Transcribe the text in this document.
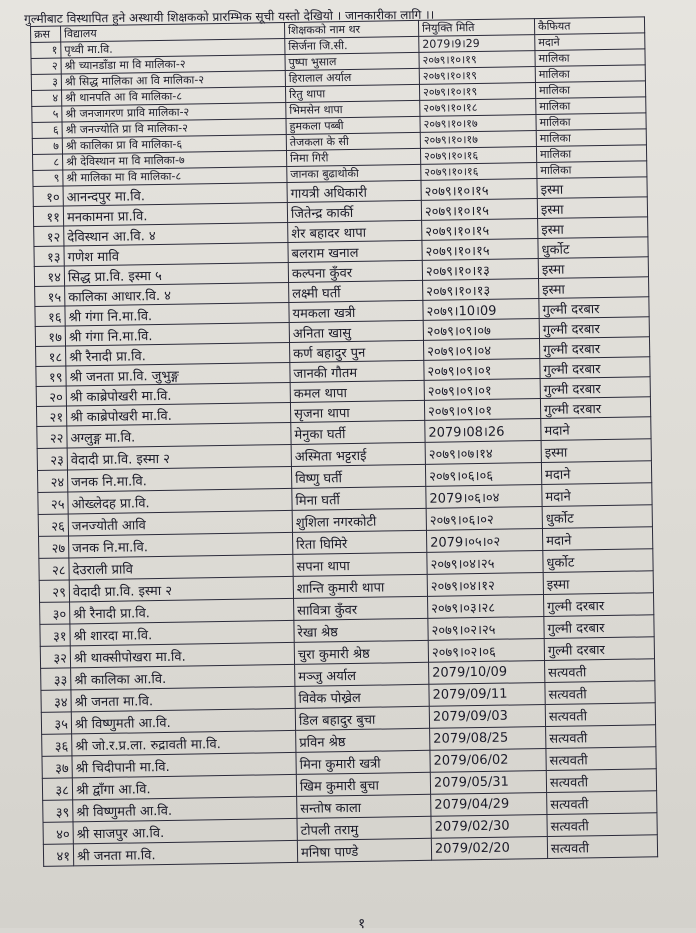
गुल्मीबाट विस्थापित हुने अस्थायी शिक्षकको प्रारम्भिक सूची यस्तो देखियो । जानकारीका लागि ।।
क्रस	विद्यालय	शिक्षकको नाम थर	नियुक्ति मिति	कैफियत
१	पृथ्वी मा.वि.	सिर्जना जि.सी.	2079।9।29	मदाने
२	श्री च्यानडाँडा मा वि मालिका-२	पुष्पा भुसाल	२०७९।१०।१९	मालिका
३	श्री सिद्ध मालिका आ वि मालिका-२	हिरालाल अर्याल	२०७९।१०।१९	मालिका
४	श्री थानपति आ वि मालिका-८	रितु थापा	२०७९।१०।१९	मालिका
५	श्री जनजागरण प्रावि मालिका-२	भिमसेन थापा	२०७९।१०।१८	मालिका
६	श्री जनज्योति प्रा वि मालिका-२	हुमकला पब्बी	२०७९।१०।१७	मालिका
७	श्री कालिका प्रा वि मालिका-६	तेजकला के सी	२०७९।१०।१७	मालिका
८	श्री देविस्थान मा वि मालिका-७	निमा गिरी	२०७९।१०।१६	मालिका
९	श्री मालिका मा वि मालिका-८	जानका बुढाथोकी	२०७९।१०।१६	मालिका
१०	आनन्दपुर मा.वि.	गायत्री अधिकारी	२०७९।१०।१५	इस्मा
११	मनकामना प्रा.वि.	जितेन्द्र कार्की	२०७९।१०।१५	इस्मा
१२	देविस्थान आ.वि. ४	शेर बहादर थापा	२०७९।१०।१५	इस्मा
१३	गणेश मावि	बलराम खनाल	२०७९।१०।१५	धुर्कोट
१४	सिद्ध प्रा.वि. इस्मा ५	कल्पना कुँवर	२०७९।१०।१३	इस्मा
१५	कालिका आधार.वि. ४	लक्ष्मी घर्ती	२०७९।१०।१३	इस्मा
१६	श्री गंगा नि.मा.वि.	यमकला खत्री	२०७९।10।09	गुल्मी दरबार
१७	श्री गंगा नि.मा.वि.	अनिता खासु	२०७९।०९।०७	गुल्मी दरबार
१८	श्री रैनादी प्रा.वि.	कर्ण बहादुर पुन	२०७९।०९।०४	गुल्मी दरबार
१९	श्री जनता प्रा.वि. जुभुङ्ग	जानकी गौतम	२०७९।०९।०१	गुल्मी दरबार
२०	श्री काब्रेपोखरी मा.वि.	कमल थापा	२०७९।०९।०१	गुल्मी दरबार
२१	श्री काब्रेपोखरी मा.वि.	सृजना थापा	२०७९।०९।०१	गुल्मी दरबार
२२	अग्लुङ्ग मा.वि.	मेनुका घर्ती	2079।08।26	मदाने
२३	वेदादी प्रा.वि. इस्मा २	अस्मिता भट्टराई	२०७९।०७।१४	इस्मा
२४	जनक नि.मा.वि.	विष्णु घर्ती	२०७९।०६।०६	मदाने
२५	ओख्लेदह प्रा.वि.	मिना घर्ती	2079।०६।०४	मदाने
२६	जनज्योती आवि	शुशिला नगरकोटी	२०७९।०६।०२	धुर्कोट
२७	जनक नि.मा.वि.	रिता घिमिरे	2079।०५।०२	मदाने
२८	देउराली प्रावि	सपना थापा	२०७९।०४।२५	धुर्कोट
२९	वेदादी प्रा.वि. इस्मा २	शान्ति कुमारी थापा	२०७९।०४।१२	इस्मा
३०	श्री रैनादी प्रा.वि.	सावित्रा कुँवर	२०७९।०३।२८	गुल्मी दरबार
३१	श्री शारदा मा.वि.	रेखा श्रेष्ठ	२०७९।०२।२५	गुल्मी दरबार
३२	श्री थाक्सीपोखरा मा.वि.	चुरा कुमारी श्रेष्ठ	२०७९।०२।०६	गुल्मी दरबार
३३	श्री कालिका आ.वि.	मञ्जु अर्याल	2079/10/09	सत्यवती
३४	श्री जनता मा.वि.	विवेक पोख्रेल	2079/09/11	सत्यवती
३५	श्री विष्णुमती आ.वि.	डिल बहादुर बुचा	2079/09/03	सत्यवती
३६	श्री जो.र.प्र.ला. रुद्रावती मा.वि.	प्रविन श्रेष्ठ	2079/08/25	सत्यवती
३७	श्री चिदीपानी मा.वि.	मिना कुमारी खत्री	2079/06/02	सत्यवती
३८	श्री द्वाँगा आ.वि.	खिम कुमारी बुचा	2079/05/31	सत्यवती
३९	श्री विष्णुमती आ.वि.	सन्तोष काला	2079/04/29	सत्यवती
४०	श्री साजपुर आ.वि.	टोपली तरामु	2079/02/30	सत्यवती
४१	श्री जनता मा.वि.	मनिषा पाण्डे	2079/02/20	सत्यवती
१
